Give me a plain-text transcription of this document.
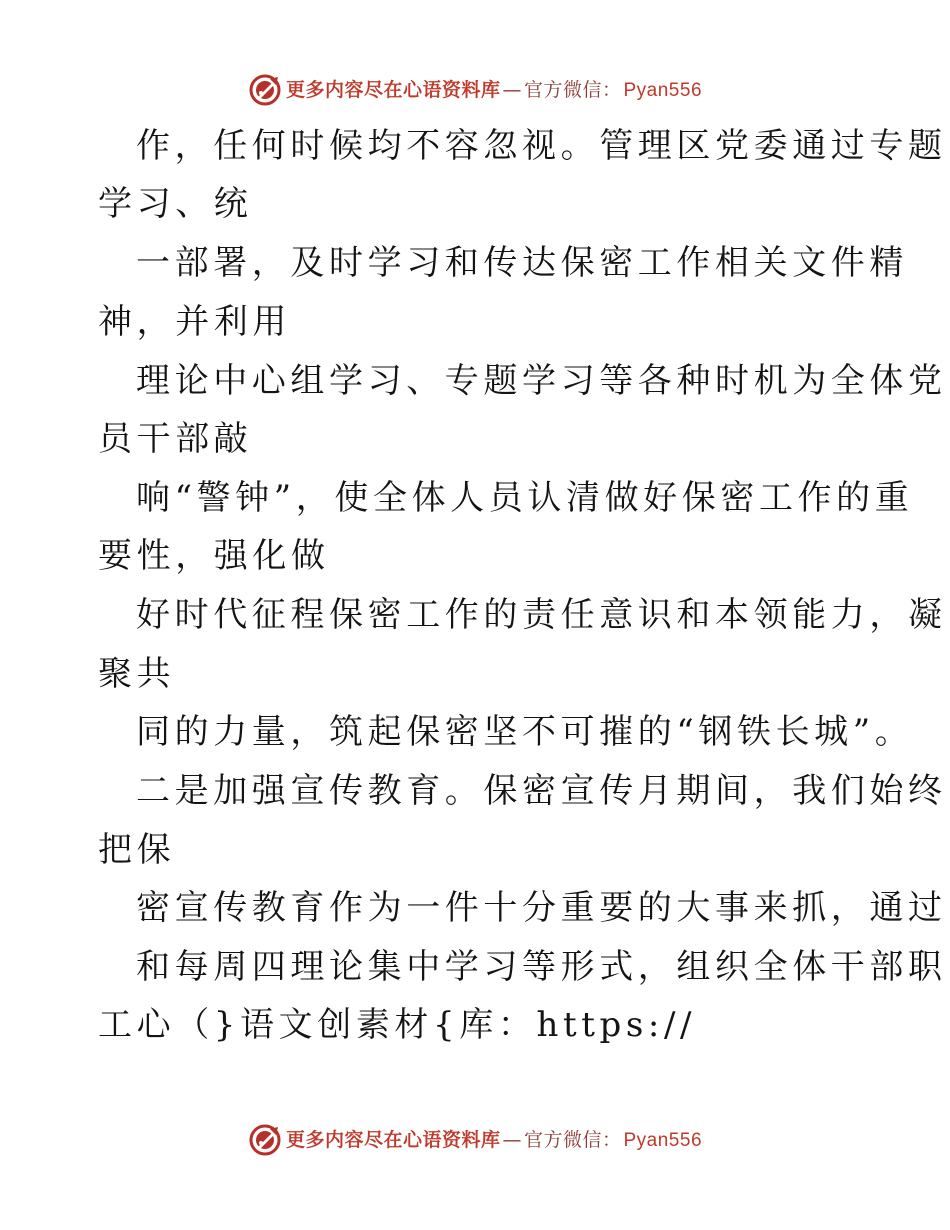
更多内容尽在心语资料库 — 官方微信： Pyan556
作，任何时候均不容忽视。管理区党委通过专题
学习、统
一部署，及时学习和传达保密工作相关文件精
神，并利用
理论中心组学习、专题学习等各种时机为全体党
员干部敲
响“警钟”，使全体人员认清做好保密工作的重
要性，强化做
好时代征程保密工作的责任意识和本领能力，凝
聚共
同的力量，筑起保密坚不可摧的“钢铁长城”。
二是加强宣传教育。保密宣传月期间，我们始终
把保
密宣传教育作为一件十分重要的大事来抓，通过
和每周四理论集中学习等形式，组织全体干部职
工心（}语文创素材{库：https://
更多内容尽在心语资料库 — 官方微信： Pyan556
